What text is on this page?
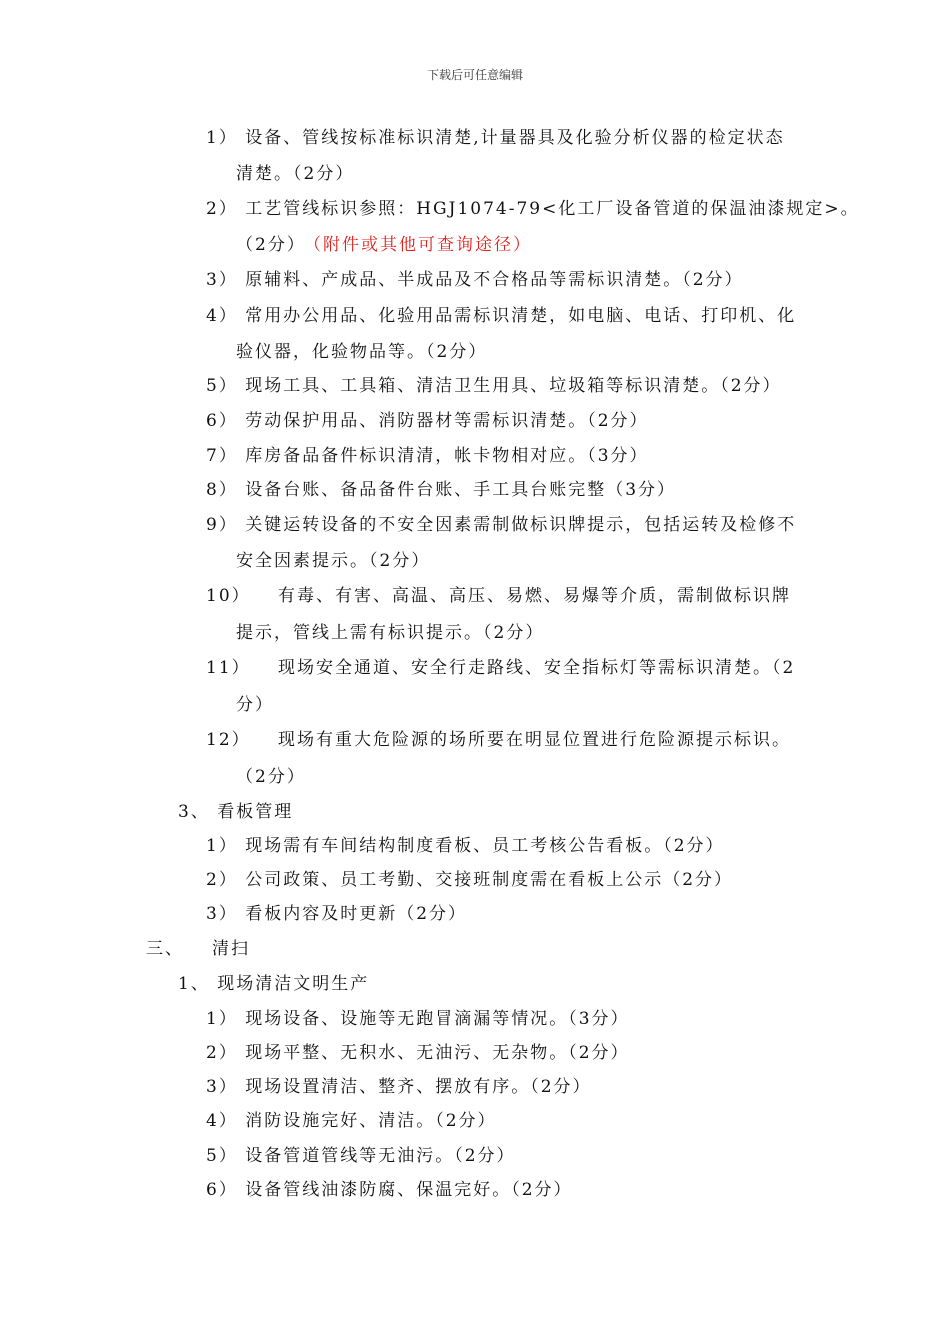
下载后可任意编辑
1） 设备、管线按标准标识清楚,计量器具及化验分析仪器的检定状态
清楚。（2分）
2） 工艺管线标识参照：HGJ1074-79<化工厂设备管道的保温油漆规定>。
（2分）
（附件或其他可查询途径）
3） 原辅料、产成品、半成品及不合格品等需标识清楚。（2分）
4） 常用办公用品、化验用品需标识清楚，如电脑、电话、打印机、化
验仪器，化验物品等。（2分）
5） 现场工具、工具箱、清洁卫生用具、垃圾箱等标识清楚。（2分）
6） 劳动保护用品、消防器材等需标识清楚。（2分）
7） 库房备品备件标识清清，帐卡物相对应。（3分）
8） 设备台账、备品备件台账、手工具台账完整（3分）
9） 关键运转设备的不安全因素需制做标识牌提示，包括运转及检修不
安全因素提示。（2分）
10） 有毒、有害、高温、高压、易燃、易爆等介质，需制做标识牌
提示，管线上需有标识提示。（2分）
11） 现场安全通道、安全行走路线、安全指标灯等需标识清楚。（2
分）
12） 现场有重大危险源的场所要在明显位置进行危险源提示标识。
（2分）
3、 看板管理
1） 现场需有车间结构制度看板、员工考核公告看板。（2分）
2） 公司政策、员工考勤、交接班制度需在看板上公示（2分）
3） 看板内容及时更新（2分）
三、 清扫
1、 现场清洁文明生产
1） 现场设备、设施等无跑冒滴漏等情况。（3分）
2） 现场平整、无积水、无油污、无杂物。（2分）
3） 现场设置清洁、整齐、摆放有序。（2分）
4） 消防设施完好、清洁。（2分）
5） 设备管道管线等无油污。（2分）
6） 设备管线油漆防腐、保温完好。（2分）
